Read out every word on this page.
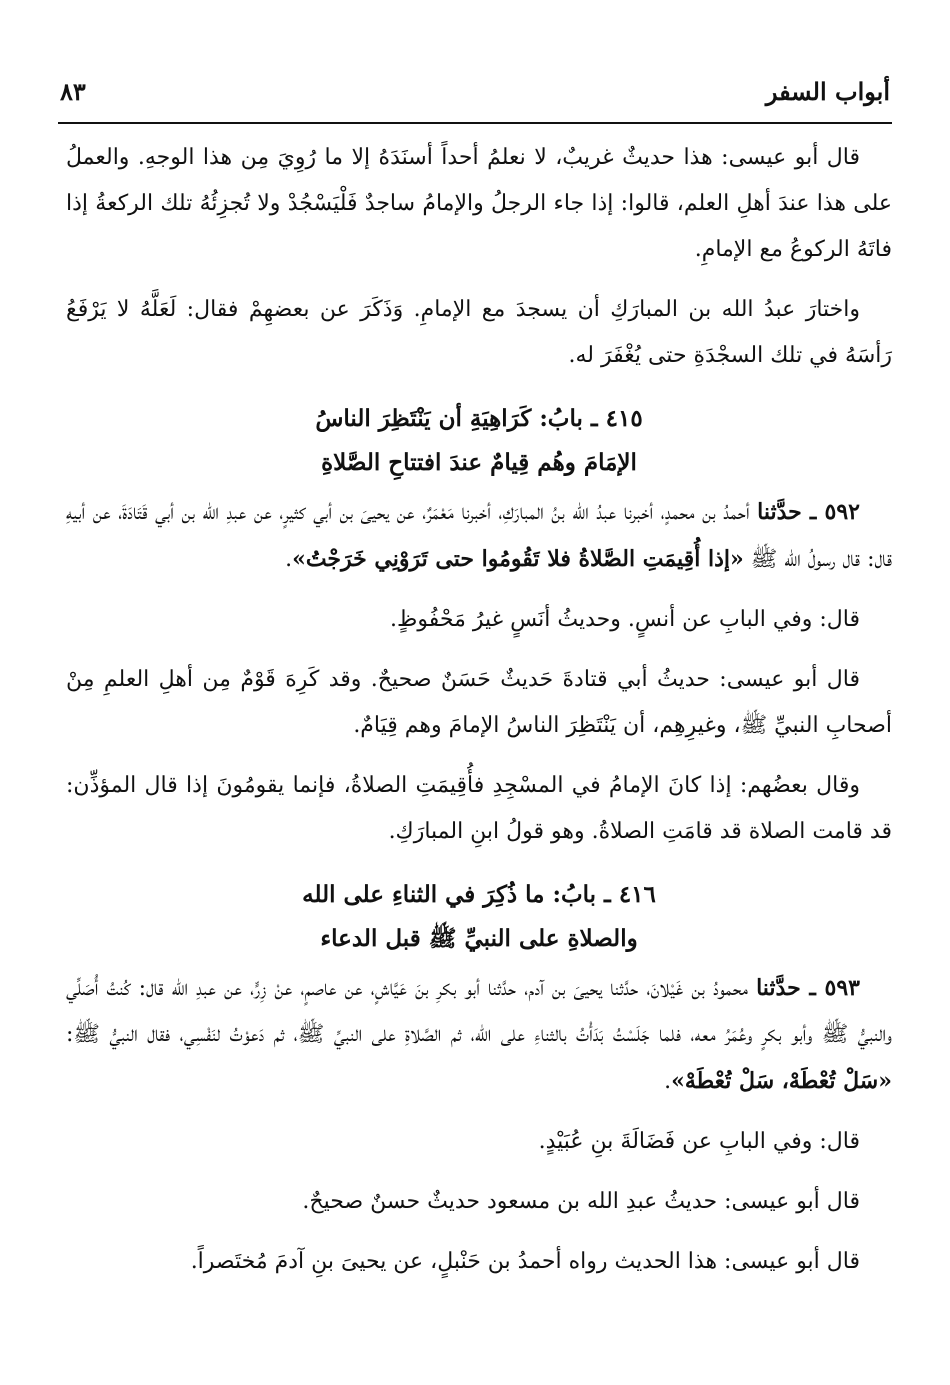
أبواب السفر
٨٣

قال أبو عيسى: هذا حديثٌ غريبٌ، لا نعلمُ أحداً أسنَدَهُ إلا ما رُوِيَ مِن هذا الوجهِ. والعملُ على هذا عندَ أهلِ العلم، قالوا: إذا جاء الرجلُ والإمامُ ساجدٌ فَلْيَسْجُدْ ولا تُجزِئُهُ تلك الركعةُ إذا فاتَهُ الركوعُ مع الإمامِ.

واختارَ عبدُ الله بن المبارَكِ أن يسجدَ مع الإمامِ. وَذَكَرَ عن بعضهِمْ فقال: لَعَلَّهُ لا يَرْفَعُ رَأسَهُ في تلك السجْدَةِ حتى يُغْفَرَ له.

٤١٥ ـ بابُ: كَرَاهِيَةِ أن يَنْتَظِرَ الناسُ
الإمَامَ وهُم قِيامٌ عندَ افتتاحِ الصَّلاةِ

٥٩٢ ـ حدَّثنا أحمدُ بن محمدٍ، أخبرنا عبدُ الله بنُ المبارَكِ، أخبرنا مَعْمَرٌ، عن يحيىَ بن أبي كثيرٍ، عن عبدِ الله بن أبي قَتَادَةَ، عن أبيهِ قال: قال رسولُ الله ﷺ «إذا أُقِيمَتِ الصَّلاةُ فلا تَقُومُوا حتى تَرَوْنِي خَرَجْتُ».

قال: وفي البابِ عن أنسٍ. وحديثُ أنَسٍ غيرُ مَحْفُوظٍ.

قال أبو عيسى: حديثُ أبي قتادةَ حَديثٌ حَسَنٌ صحيحٌ. وقد كَرِهَ قَوْمٌ مِن أهلِ العلمِ مِنْ أصحابِ النبيِّ ﷺ، وغيرِهِم، أن يَنْتَظِرَ الناسُ الإمامَ وهم قِيَامٌ.

وقال بعضُهم: إذا كانَ الإمامُ في المسْجِدِ فأُقِيمَتِ الصلاةُ، فإنما يقومُونَ إذا قال المؤذِّن: قد قامت الصلاة قد قامَتِ الصلاةُ. وهو قولُ ابنِ المبارَكِ.

٤١٦ ـ بابُ: ما ذُكِرَ في الثناءِ على الله
والصلاةِ على النبيِّ ﷺ قبل الدعاء

٥٩٣ ـ حدَّثنا محمودُ بن غَيْلانَ، حدَّثنا يحيىَ بن آدم، حدَّثنا أبو بكرِ بنَ عَيَّاشٍ، عن عاصمٍ، عنْ زِرٍّ، عن عبدِ الله قال: كُنتُ أُصَلِّي والنبيُّ ﷺ وأبو بكرٍ وعُمَرُ معه، فلما جَلَسْتُ بَدَأْتُ بالثناءِ على الله، ثم الصَّلاةِ على النبيِّ ﷺ، ثم دَعوْتُ لنَفْسِي، فقال النبيُّ ﷺ: «سَلْ تُعْطَهْ، سَلْ تُعْطَهْ».

قال: وفي البابِ عن فَضَالَةَ بنِ عُبَيْدٍ.

قال أبو عيسى: حديثُ عبدِ الله بن مسعود حديثٌ حسنٌ صحيحٌ.

قال أبو عيسى: هذا الحديث رواه أحمدُ بن حَنْبلٍ، عن يحيىَ بنِ آدمَ مُختَصراً.
